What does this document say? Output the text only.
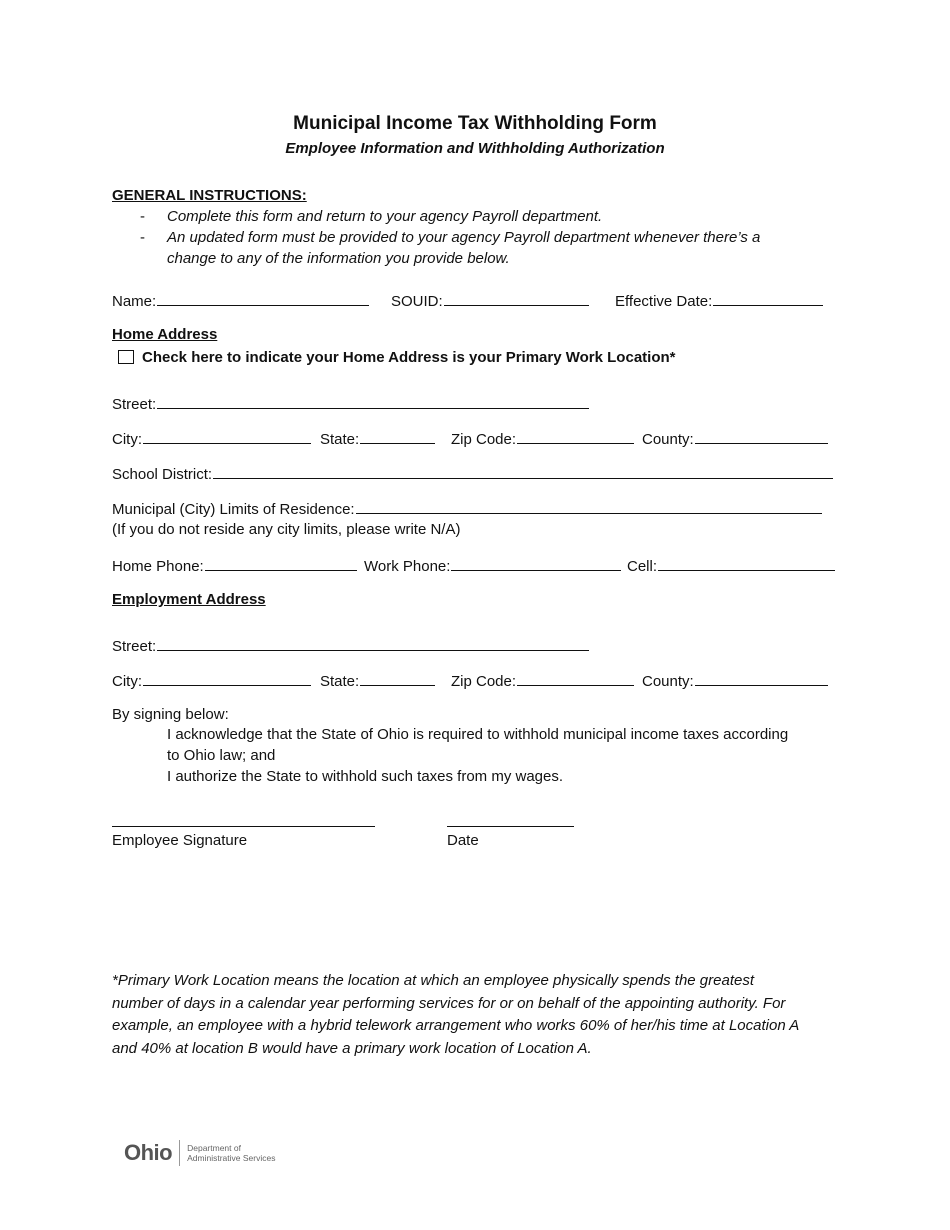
Municipal Income Tax Withholding Form
Employee Information and Withholding Authorization
GENERAL INSTRUCTIONS:
- Complete this form and return to your agency Payroll department.
- An updated form must be provided to your agency Payroll department whenever there’s a
change to any of the information you provide below.
Name:	SOUID:	Effective Date:
Home Address
Check here to indicate your Home Address is your Primary Work Location*
Street:
City:	State:	Zip Code:	County:
School District:
Municipal (City) Limits of Residence:
(If you do not reside any city limits, please write N/A)
Home Phone:	Work Phone:	Cell:
Employment Address
Street:
City:	State:	Zip Code:	County:
By signing below:
I acknowledge that the State of Ohio is required to withhold municipal income taxes according
to Ohio law; and
I authorize the State to withhold such taxes from my wages.
Employee Signature	Date
*Primary Work Location means the location at which an employee physically spends the greatest
number of days in a calendar year performing services for or on behalf of the appointing authority. For
example, an employee with a hybrid telework arrangement who works 60% of her/his time at Location A
and 40% at location B would have a primary work location of Location A.
Ohio Department of
Administrative Services
